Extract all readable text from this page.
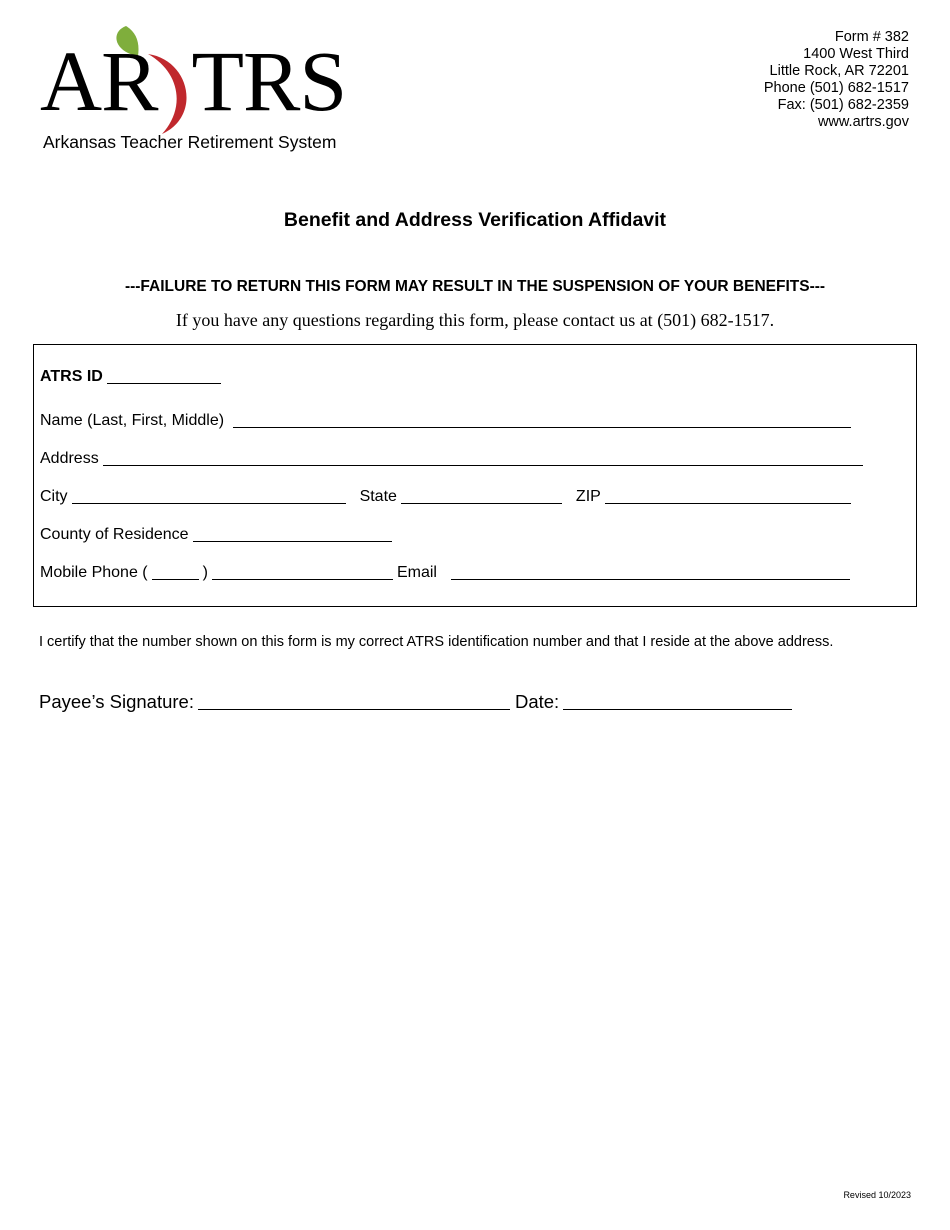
AR TRS
Arkansas Teacher Retirement System
Form # 382
1400 West Third
Little Rock, AR 72201
Phone (501) 682-1517
Fax: (501) 682-2359
www.artrs.gov
Benefit and Address Verification Affidavit
---FAILURE TO RETURN THIS FORM MAY RESULT IN THE SUSPENSION OF YOUR BENEFITS---
If you have any questions regarding this form, please contact us at (501) 682-1517.
ATRS ID
Name (Last, First, Middle)
Address
City	State	ZIP
County of Residence
Mobile Phone (	)	Email
I certify that the number shown on this form is my correct ATRS identification number and that I reside at the above address.
Payee’s Signature:	Date:
Revised 10/2023
